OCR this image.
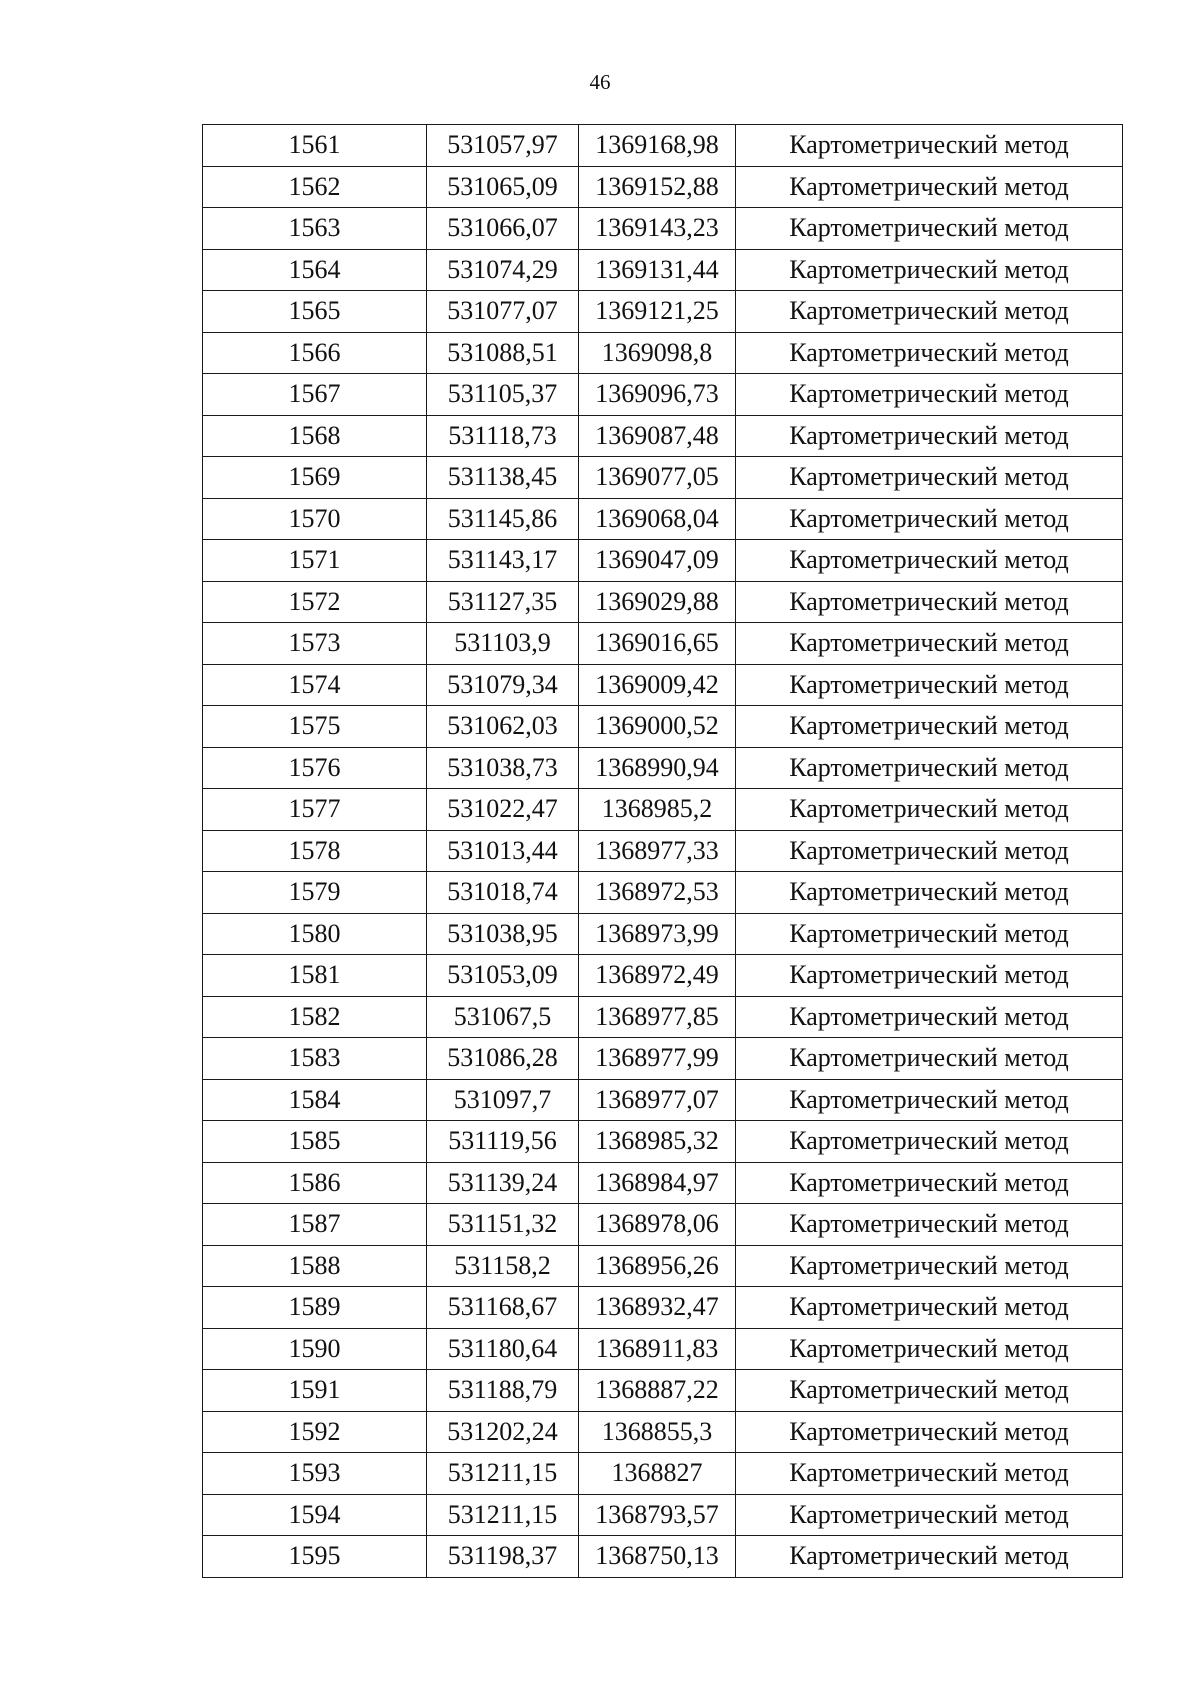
46
1561	531057,97	1369168,98	Картометрический метод
1562	531065,09	1369152,88	Картометрический метод
1563	531066,07	1369143,23	Картометрический метод
1564	531074,29	1369131,44	Картометрический метод
1565	531077,07	1369121,25	Картометрический метод
1566	531088,51	1369098,8	Картометрический метод
1567	531105,37	1369096,73	Картометрический метод
1568	531118,73	1369087,48	Картометрический метод
1569	531138,45	1369077,05	Картометрический метод
1570	531145,86	1369068,04	Картометрический метод
1571	531143,17	1369047,09	Картометрический метод
1572	531127,35	1369029,88	Картометрический метод
1573	531103,9	1369016,65	Картометрический метод
1574	531079,34	1369009,42	Картометрический метод
1575	531062,03	1369000,52	Картометрический метод
1576	531038,73	1368990,94	Картометрический метод
1577	531022,47	1368985,2	Картометрический метод
1578	531013,44	1368977,33	Картометрический метод
1579	531018,74	1368972,53	Картометрический метод
1580	531038,95	1368973,99	Картометрический метод
1581	531053,09	1368972,49	Картометрический метод
1582	531067,5	1368977,85	Картометрический метод
1583	531086,28	1368977,99	Картометрический метод
1584	531097,7	1368977,07	Картометрический метод
1585	531119,56	1368985,32	Картометрический метод
1586	531139,24	1368984,97	Картометрический метод
1587	531151,32	1368978,06	Картометрический метод
1588	531158,2	1368956,26	Картометрический метод
1589	531168,67	1368932,47	Картометрический метод
1590	531180,64	1368911,83	Картометрический метод
1591	531188,79	1368887,22	Картометрический метод
1592	531202,24	1368855,3	Картометрический метод
1593	531211,15	1368827	Картометрический метод
1594	531211,15	1368793,57	Картометрический метод
1595	531198,37	1368750,13	Картометрический метод
